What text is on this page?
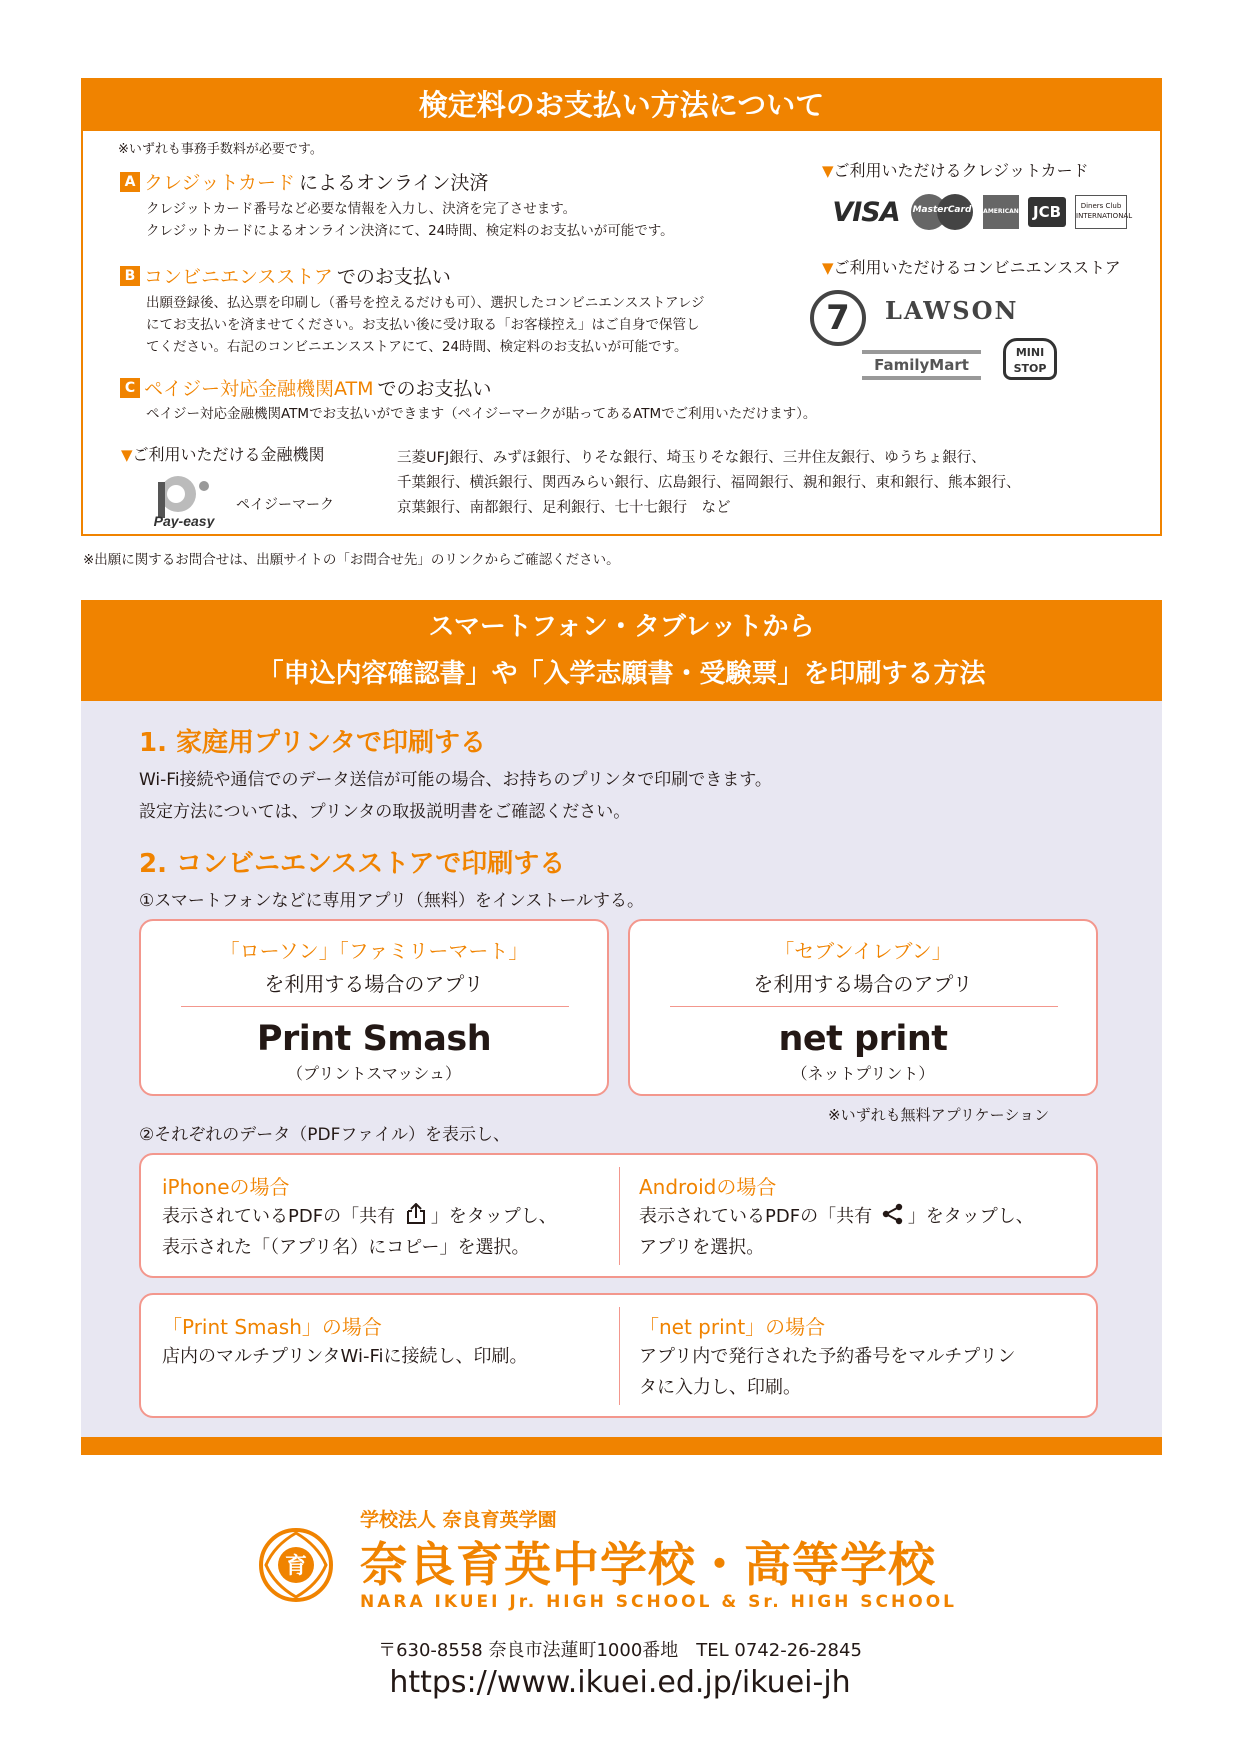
検定料のお支払い方法について
※いずれも事務手数料が必要です。
A クレジットカード によるオンライン決済
クレジットカード番号など必要な情報を入力し、決済を完了させます。
クレジットカードによるオンライン決済にて、24時間、検定料のお支払いが可能です。
B コンビニエンスストア でのお支払い
出願登録後、払込票を印刷し（番号を控えるだけも可）、選択したコンビニエンスストアレジ
にてお支払いを済ませてください。お支払い後に受け取る「お客様控え」はご自身で保管し
てください。右記のコンビニエンスストアにて、24時間、検定料のお支払いが可能です。
C ペイジー対応金融機関ATM でのお支払い
ペイジー対応金融機関ATMでお支払いができます（ペイジーマークが貼ってあるATMでご利用いただけます）。
▼ご利用いただけるクレジットカード
VISA MasterCard AMERICAN EXPRESS
JCB	Diners Club INTERNATIONAL
▼ご利用いただけるコンビニエンスストア
7	LAWSON
FamilyMart
MINI STOP
▼ご利用いただける金融機関
Pay-easy
ペイジーマーク
三菱UFJ銀行、みずほ銀行、りそな銀行、埼玉りそな銀行、三井住友銀行、ゆうちょ銀行、
千葉銀行、横浜銀行、関西みらい銀行、広島銀行、福岡銀行、親和銀行、東和銀行、熊本銀行、
京葉銀行、南都銀行、足利銀行、七十七銀行　など
※出願に関するお問合せは、出願サイトの「お問合せ先」のリンクからご確認ください。
スマートフォン・タブレットから
「申込内容確認書」や「入学志願書・受験票」を印刷する方法
1. 家庭用プリンタで印刷する
Wi-Fi接続や通信でのデータ送信が可能の場合、お持ちのプリンタで印刷できます。
設定方法については、プリンタの取扱説明書をご確認ください。
2. コンビニエンスストアで印刷する
①スマートフォンなどに専用アプリ（無料）をインストールする。
「ローソン」「ファミリーマート」
を利用する場合のアプリ
Print Smash
（プリントスマッシュ）
「セブンイレブン」
を利用する場合のアプリ
net print
（ネットプリント）
※いずれも無料アプリケーション
②それぞれのデータ（PDFファイル）を表示し、
iPhoneの場合
表示されているPDFの「共有 」をタップし、
表示された「（アプリ名）にコピー」を選択。
Androidの場合
表示されているPDFの「共有 」をタップし、
アプリを選択。
「Print Smash」の場合
店内のマルチプリンタWi-Fiに接続し、印刷。
「net print」の場合
アプリ内で発行された予約番号をマルチプリン
タに入力し、印刷。
育
学校法人 奈良育英学園
奈良育英中学校・高等学校
NARA IKUEI Jr. HIGH SCHOOL & Sr. HIGH SCHOOL
〒630-8558 奈良市法蓮町1000番地　TEL 0742-26-2845
https://www.ikuei.ed.jp/ikuei-jh
